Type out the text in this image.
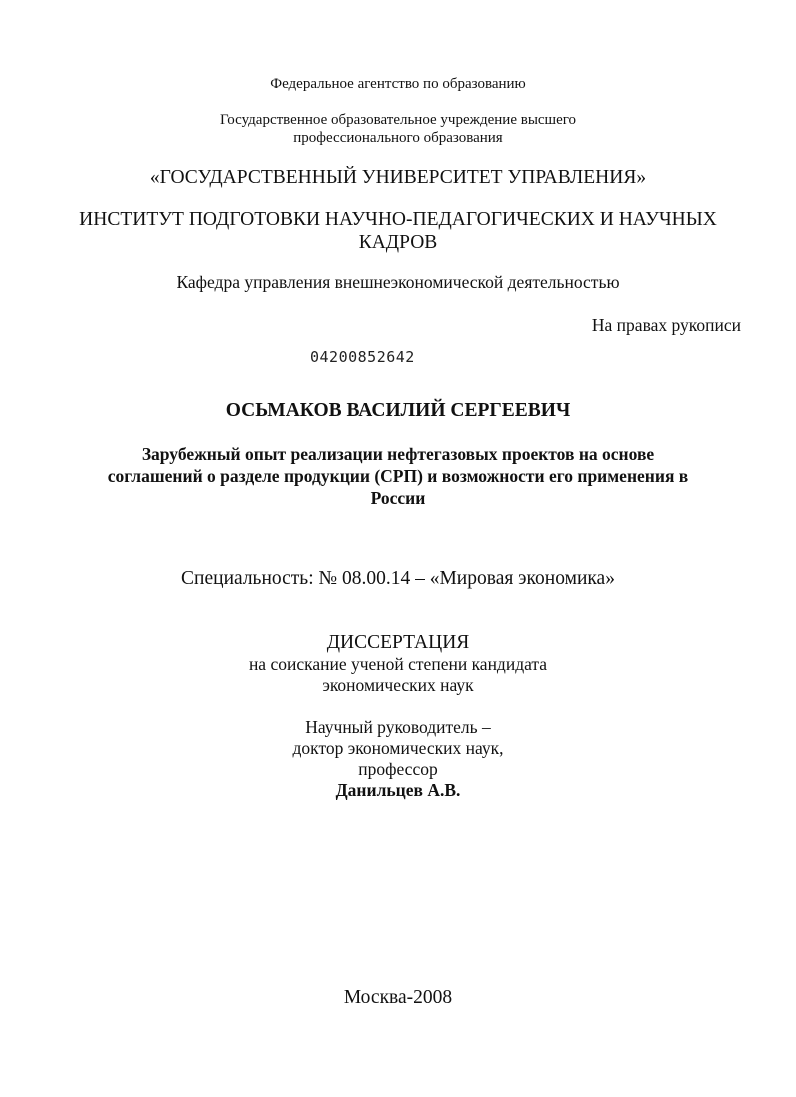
Федеральное агентство по образованию
Государственное образовательное учреждение высшего
профессионального образования
«ГОСУДАРСТВЕННЫЙ УНИВЕРСИТЕТ УПРАВЛЕНИЯ»
ИНСТИТУТ ПОДГОТОВКИ НАУЧНО-ПЕДАГОГИЧЕСКИХ И НАУЧНЫХ
КАДРОВ
Кафедра управления внешнеэкономической деятельностью
На правах рукописи
04200852642
ОСЬМАКОВ ВАСИЛИЙ СЕРГЕЕВИЧ
Зарубежный опыт реализации нефтегазовых проектов на основе
соглашений о разделе продукции (СРП) и возможности его применения в
России
Специальность: № 08.00.14 – «Мировая экономика»
ДИССЕРТАЦИЯ
на соискание ученой степени кандидата
экономических наук
Научный руководитель –
доктор экономических наук,
профессор
Данильцев А.В.
Москва-2008
